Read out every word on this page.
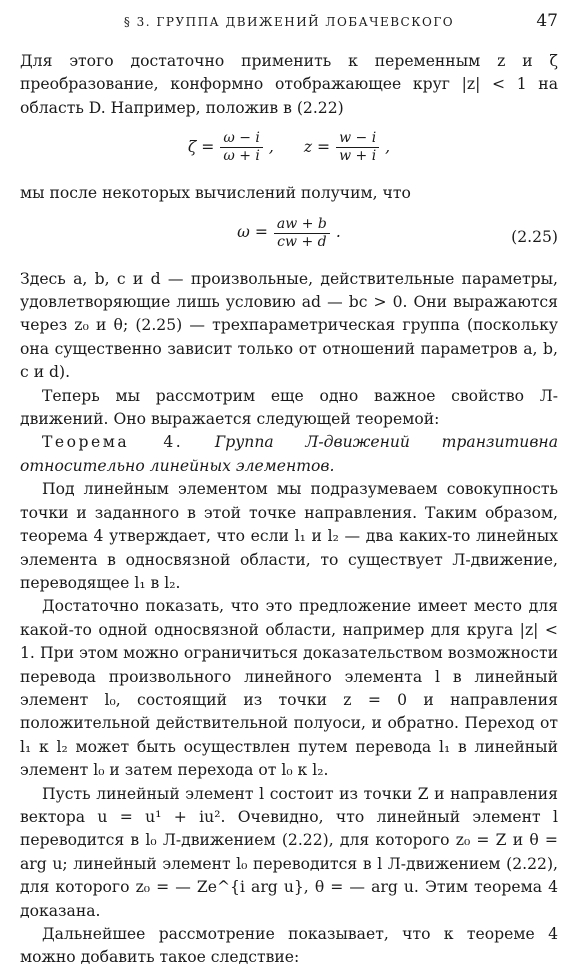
§ 3. ГРУППА ДВИЖЕНИЙ ЛОБАЧЕВСКОГО	47

Для этого достаточно применить к переменным z и ζ преобразование, конформно отображающее круг |z| < 1 на область D. Например, положив в (2.22)

$\zeta = \frac{\omega - i}{\omega + i}$ , $z = \frac{w - i}{w + i}$ ,

мы после некоторых вычислений получим, что

$\omega = \frac{aw + b}{cw + d}$ .	(2.25)

Здесь a, b, c и d — произвольные, действительные параметры, удовлетворяющие лишь условию ad — bc > 0. Они выражаются через z₀ и θ; (2.25) — трехпараметрическая группа (поскольку она существенно зависит только от отношений параметров a, b, c и d).

Теперь мы рассмотрим еще одно важное свойство Л-движений. Оно выражается следующей теоремой:

Теорема 4. Группа Л-движений транзитивна относительно линейных элементов.

Под линейным элементом мы подразумеваем совокупность точки и заданного в этой точке направления. Таким образом, теорема 4 утверждает, что если l₁ и l₂ — два каких-то линейных элемента в односвязной области, то существует Л-движение, переводящее l₁ в l₂.

Достаточно показать, что это предложение имеет место для какой-то одной односвязной области, например для круга |z| < 1. При этом можно ограничиться доказательством возможности перевода произвольного линейного элемента l в линейный элемент l₀, состоящий из точки z = 0 и направления положительной действительной полуоси, и обратно. Переход от l₁ к l₂ может быть осуществлен путем перевода l₁ в линейный элемент l₀ и затем перехода от l₀ к l₂.

Пусть линейный элемент l состоит из точки Z и направления вектора u = u¹ + iu². Очевидно, что линейный элемент l переводится в l₀ Л-движением (2.22), для которого z₀ = Z и θ = arg u; линейный элемент l₀ переводится в l Л-движением (2.22), для которого z₀ = — Ze^{i arg u}, θ = — arg u. Этим теорема 4 доказана.

Дальнейшее рассмотрение показывает, что к теореме 4 можно добавить такое следствие:
